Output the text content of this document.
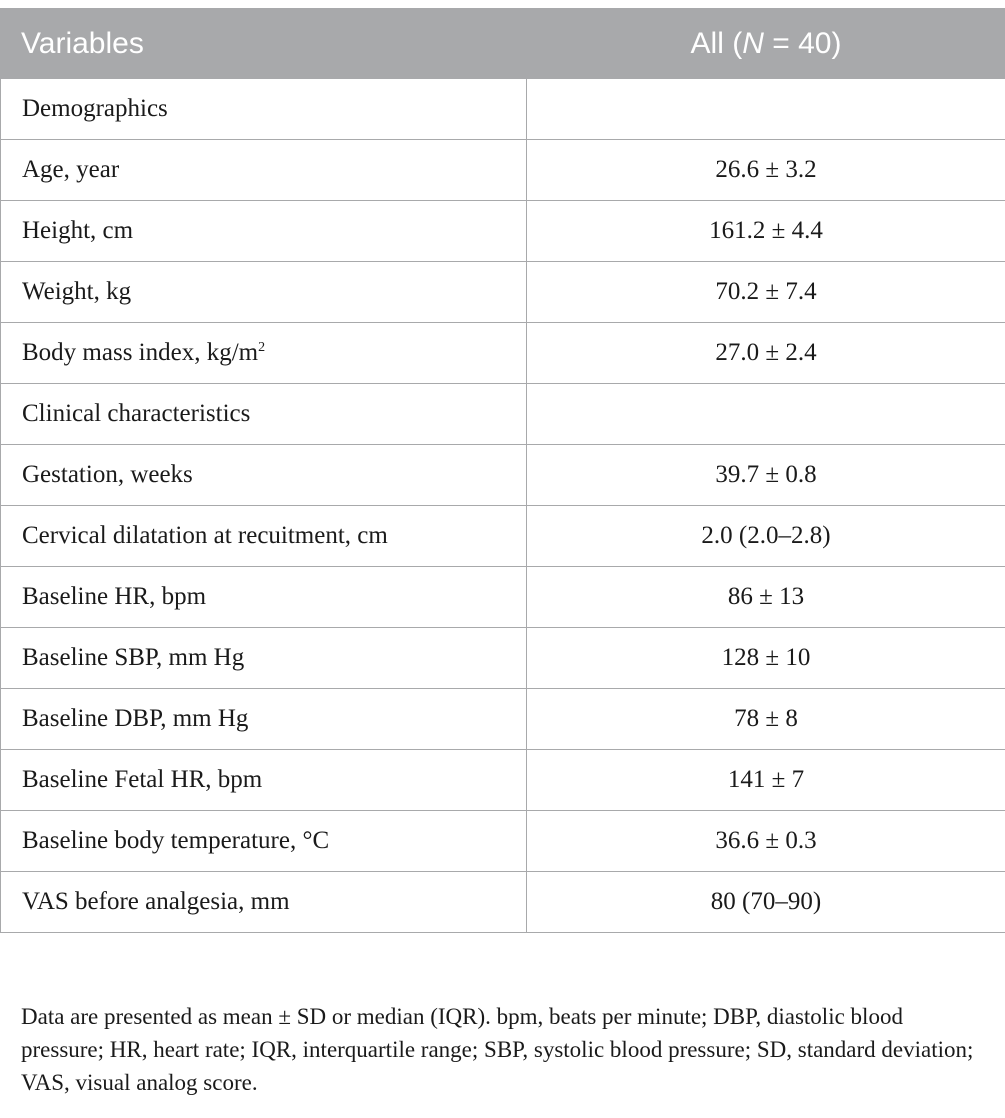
Variables	All (N = 40)
Demographics	
Age, year	26.6 ± 3.2
Height, cm	161.2 ± 4.4
Weight, kg	70.2 ± 7.4
Body mass index, $kg/m^2$	27.0 ± 2.4
Clinical characteristics	
Gestation, weeks	39.7 ± 0.8
Cervical dilatation at recuitment, cm	2.0 (2.0–2.8)
Baseline HR, bpm	86 ± 13
Baseline SBP, mm Hg	128 ± 10
Baseline DBP, mm Hg	78 ± 8
Baseline Fetal HR, bpm	141 ± 7
Baseline body temperature, °C	36.6 ± 0.3
VAS before analgesia, mm	80 (70–90)

Data are presented as mean ± SD or median (IQR). bpm, beats per minute; DBP, diastolic blood pressure; HR, heart rate; IQR, interquartile range; SBP, systolic blood pressure; SD, standard deviation; VAS, visual analog score.
